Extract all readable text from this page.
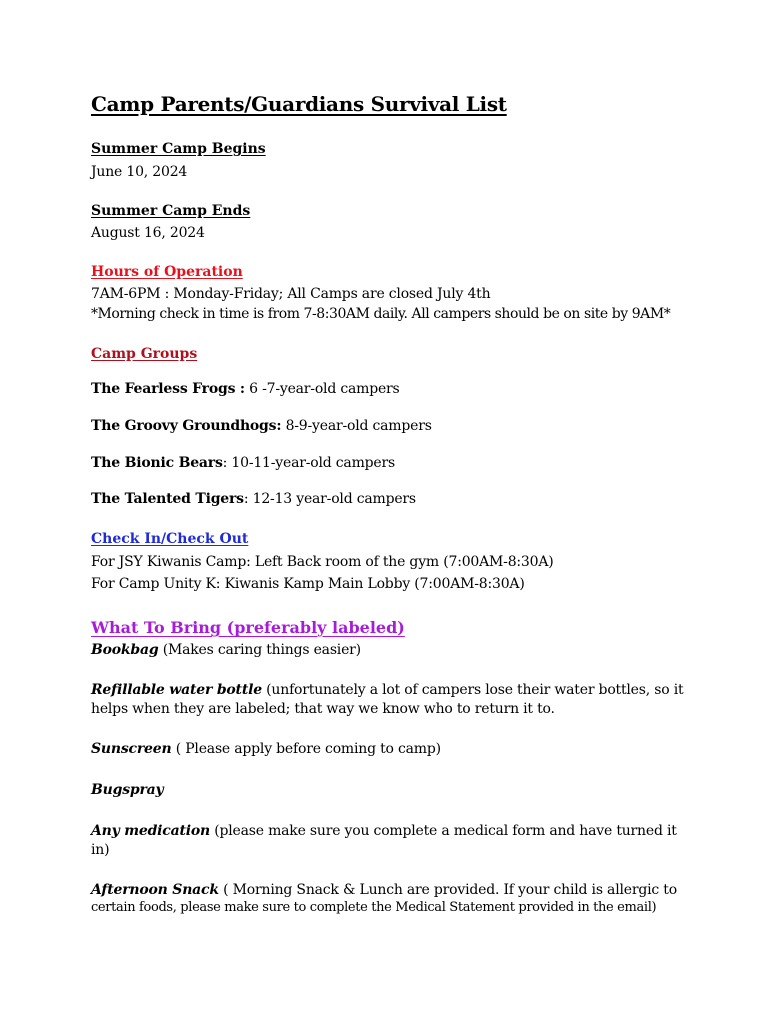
Camp Parents/Guardians Survival List
Summer Camp Begins
June 10, 2024
Summer Camp Ends
August 16, 2024
Hours of Operation
7AM-6PM : Monday-Friday; All Camps are closed July 4th
*Morning check in time is from 7-8:30AM daily. All campers should be on site by 9AM*
Camp Groups
The Fearless Frogs : 6 -7-year-old campers
The Groovy Groundhogs: 8-9-year-old campers
The Bionic Bears: 10-11-year-old campers
The Talented Tigers: 12-13 year-old campers
Check In/Check Out
For JSY Kiwanis Camp: Left Back room of the gym (7:00AM-8:30A)
For Camp Unity K: Kiwanis Kamp Main Lobby (7:00AM-8:30A)
What To Bring (preferably labeled)
Bookbag (Makes caring things easier)
Refillable water bottle (unfortunately a lot of campers lose their water bottles, so it
helps when they are labeled; that way we know who to return it to.
Sunscreen ( Please apply before coming to camp)
Bugspray
Any medication (please make sure you complete a medical form and have turned it
in)
Afternoon Snack ( Morning Snack & Lunch are provided. If your child is allergic to
certain foods, please make sure to complete the Medical Statement provided in the email)
